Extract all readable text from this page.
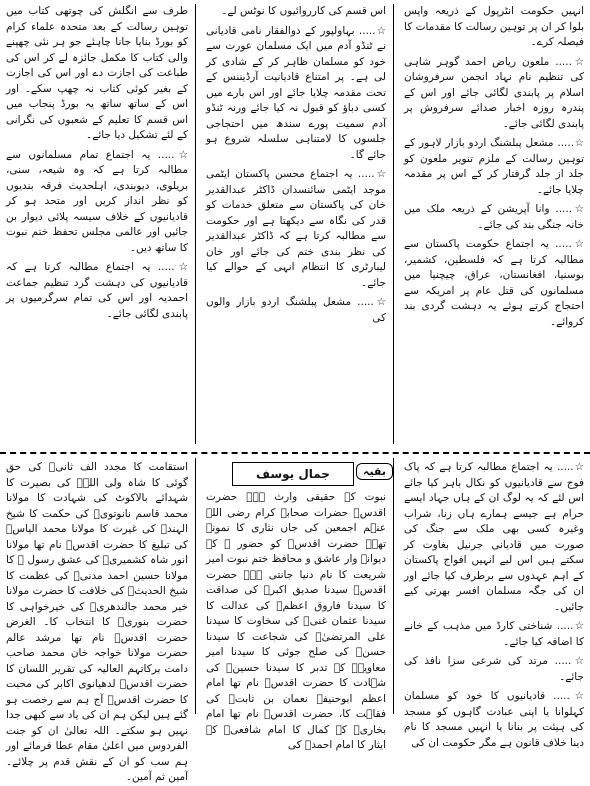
انہیں حکومت انٹرپول کے ذریعہ واپس بلوا کر ان پر توہین رسالت کا مقدمات کا فیصلہ کرے۔

☆..... ملعون ریاض احمد گوہر شاہی کی تنظیم نام نہاد انجمن سرفروشان اسلام پر پابندی لگائی جائے اور اس کے پندرہ روزہ اخبار صدائے سرفروش پر پابندی لگائی جائے۔

☆..... مشعل پبلشنگ اردو بازار لاہور کے توہین رسالت کے ملزم تنویر ملعون کو جلد از جلد گرفتار کر کے اس پر مقدمہ چلایا جائے۔

☆..... وانا آپریشن کے ذریعہ ملک میں خانہ جنگی بند کی جائے۔

☆..... یہ اجتماع حکومت پاکستان سے مطالبہ کرتا ہے کہ فلسطین، کشمیر، بوسنیا، افغانستان، عراق، چیچنیا میں مسلمانوں کی قتل عام پر امریکہ سے احتجاج کرتے ہوئے یہ دہشت گردی بند کروائے۔

اس قسم کی کارروائیوں کا نوٹس لے۔

☆..... بہاولپور کے ذوالفقار نامی قادیانی نے ٹنڈو آدم میں ایک مسلمان عورت سے خود کو مسلمان ظاہر کر کے شادی کر لی ہے۔ پر امتناع قادیانیت آرڈیننس کے تحت مقدمہ چلایا جائے اور اس بارے میں کسی دباؤ کو قبول نہ کیا جائے ورنہ ٹنڈو آدم سمیت پورے سندھ میں احتجاجی جلسوں کا لامتناہی سلسلہ شروع ہو جائے گا۔

☆..... یہ اجتماع محسن پاکستان ایٹمی موجد ایٹمی سائنسدان ڈاکٹر عبدالقدیر خان کی پاکستان سے متعلق خدمات کو قدر کی نگاہ سے دیکھتا ہے اور حکومت سے مطالبہ کرتا ہے کہ ڈاکٹر عبدالقدیر کی نظر بندی ختم کی جائے اور خان لیبارٹری کا انتظام انہی کے حوالے کیا جائے۔

☆..... مشعل پبلشنگ اردو بازار والوں کی

طرف سے انگلش کی چوتھی کتاب میں توہین رسالت کے بعد متحدہ علماء کرام کو بورڈ بنایا جانا چاہئے جو ہر نئی چھپنے والی کتاب کا مکمل جائزہ لے کر اس کی طباعت کی اجازت دے اور اس کی اجازت کے بغیر کوئی کتاب نہ چھپ سکے۔ اور اس کے ساتھ ساتھ یہ بورڈ پنجاب میں اس قسم کا تعلیم کے شعبوں کی نگرانی کے لئے تشکیل دیا جائے۔

☆..... یہ اجتماع تمام مسلمانوں سے مطالبہ کرتا ہے کہ وہ شیعہ، سنی، بریلوی، دیوبندی، اہلحدیث فرقہ بندیوں کو نظر انداز کریں اور متحد ہو کر قادیانیوں کے خلاف سیسہ پلائی دیوار بن جائیں اور عالمی مجلس تحفظ ختم نبوت کا ساتھ دیں۔

☆..... یہ اجتماع مطالبہ کرتا ہے کہ قادیانیوں کی دہشت گرد تنظیم جماعت احمدیہ اور اس کی تمام سرگرمیوں پر پابندی لگائی جائے۔

جمال یوسف	بقیہ	☆..... یہ اجتماع مطالبہ کرتا ہے کہ پاک فوج سے قادیانیوں کو نکال باہر کیا جائے اس لئے کہ یہ لوگ ان کے ہاں جہاد ایسے حرام ہے جیسے ہمارے ہاں زنا، شراب وغیرہ کسی بھی ملک سے جنگ کی صورت میں قادیانی جرنیل بغاوت کر سکتے ہیں اس لیے انہیں افواج پاکستان کے اہم عہدوں سے برطرف کیا جائے اور ان کی جگہ مسلمان افسر بھرتی کیے جائیں۔

☆..... شناختی کارڈ میں مذہب کے خانے کا اضافہ کیا جائے۔

☆..... مرتد کی شرعی سزا نافذ کی جائے۔

☆..... قادیانیوں کا خود کو مسلمان کہلوانا یا اپنی عبادت گاہوں کو مسجد کی ہیئت پر بنانا یا انہیں مسجد کا نام دینا خلاف قانون ہے مگر حکومت ان کی

نبوت کے حقیقی وارث ہے۔ حضرت اقدسؒ حضرات صحابہ کرام رضی اللہ عنہم اجمعین کی جاں نثاری کا نمونہ تھے۔ حضرت اقدسؒ کو حضور ﷺ کے دیوانہ وار عاشق و محافظ ختم نبوت امیر شریعت کا نام دنیا جانتی ہے۔ حضرت اقدسؒ سیدنا صدیق اکبرؓ کی صداقت کا سیدنا فاروق اعظمؓ کی عدالت کا سیدنا عثمان غنیؓ کی سخاوت کا سیدنا علی المرتضیٰؓ کی شجاعت کا سیدنا حسنؓ کی صلح جوئی کا سیدنا امیر معاویہؓ کے تدبر کا سیدنا حسینؓ کی شہادت کا حضرت اقدسؒ نام تھا امام اعظم ابوحنیفہ نعمان بن ثابتؒ کی فقاہت کا، حضرت اقدسؒ نام تھا امام بخاریؒ کے کمال کا امام شافعیؒ کے ایثار کا امام احمدؒ کی

استقامت کا مجدد الف ثانیؒ کی حق گوئی کا شاہ ولی اللہؒ کی بصیرت کا شہدائے بالاکوٹ کی شہادت کا مولانا محمد قاسم نانوتویؒ کی حکمت کا شیخ الہندؒ کی غیرت کا مولانا محمد الیاسؒ کی تبلیغ کا حضرت اقدسؒ نام تھا مولانا انور شاہ کشمیریؒ کی عشق رسول ﷺ کا مولانا حسین احمد مدنیؒ کی عظمت کا شیخ الحدیثؒ کی خلافت کا حضرت مولانا خیر محمد جالندھریؒ کی خیرخواہی کا حضرت بنوریؒ کا انتخاب کا۔ الغرض حضرت اقدسؒ نام تھا مرشد عالم حضرت مولانا خواجہ خان محمد صاحب دامت برکاتہم العالیہ کی تقریر اللسان کا حضرت اقدسؒ لدھیانوی اکابر کی محبت کا حضرت اقدسؒ آج ہم سے رخصت ہو گئے ہیں لیکن ہم ان کی یاد سے کبھی جدا نہیں ہو سکتے۔ اللہ تعالیٰ ان کو جنت الفردوس میں اعلیٰ مقام عطا فرمائے اور ہم سب کو ان کے نقش قدم پر چلائے۔ آمین ثم آمین۔
